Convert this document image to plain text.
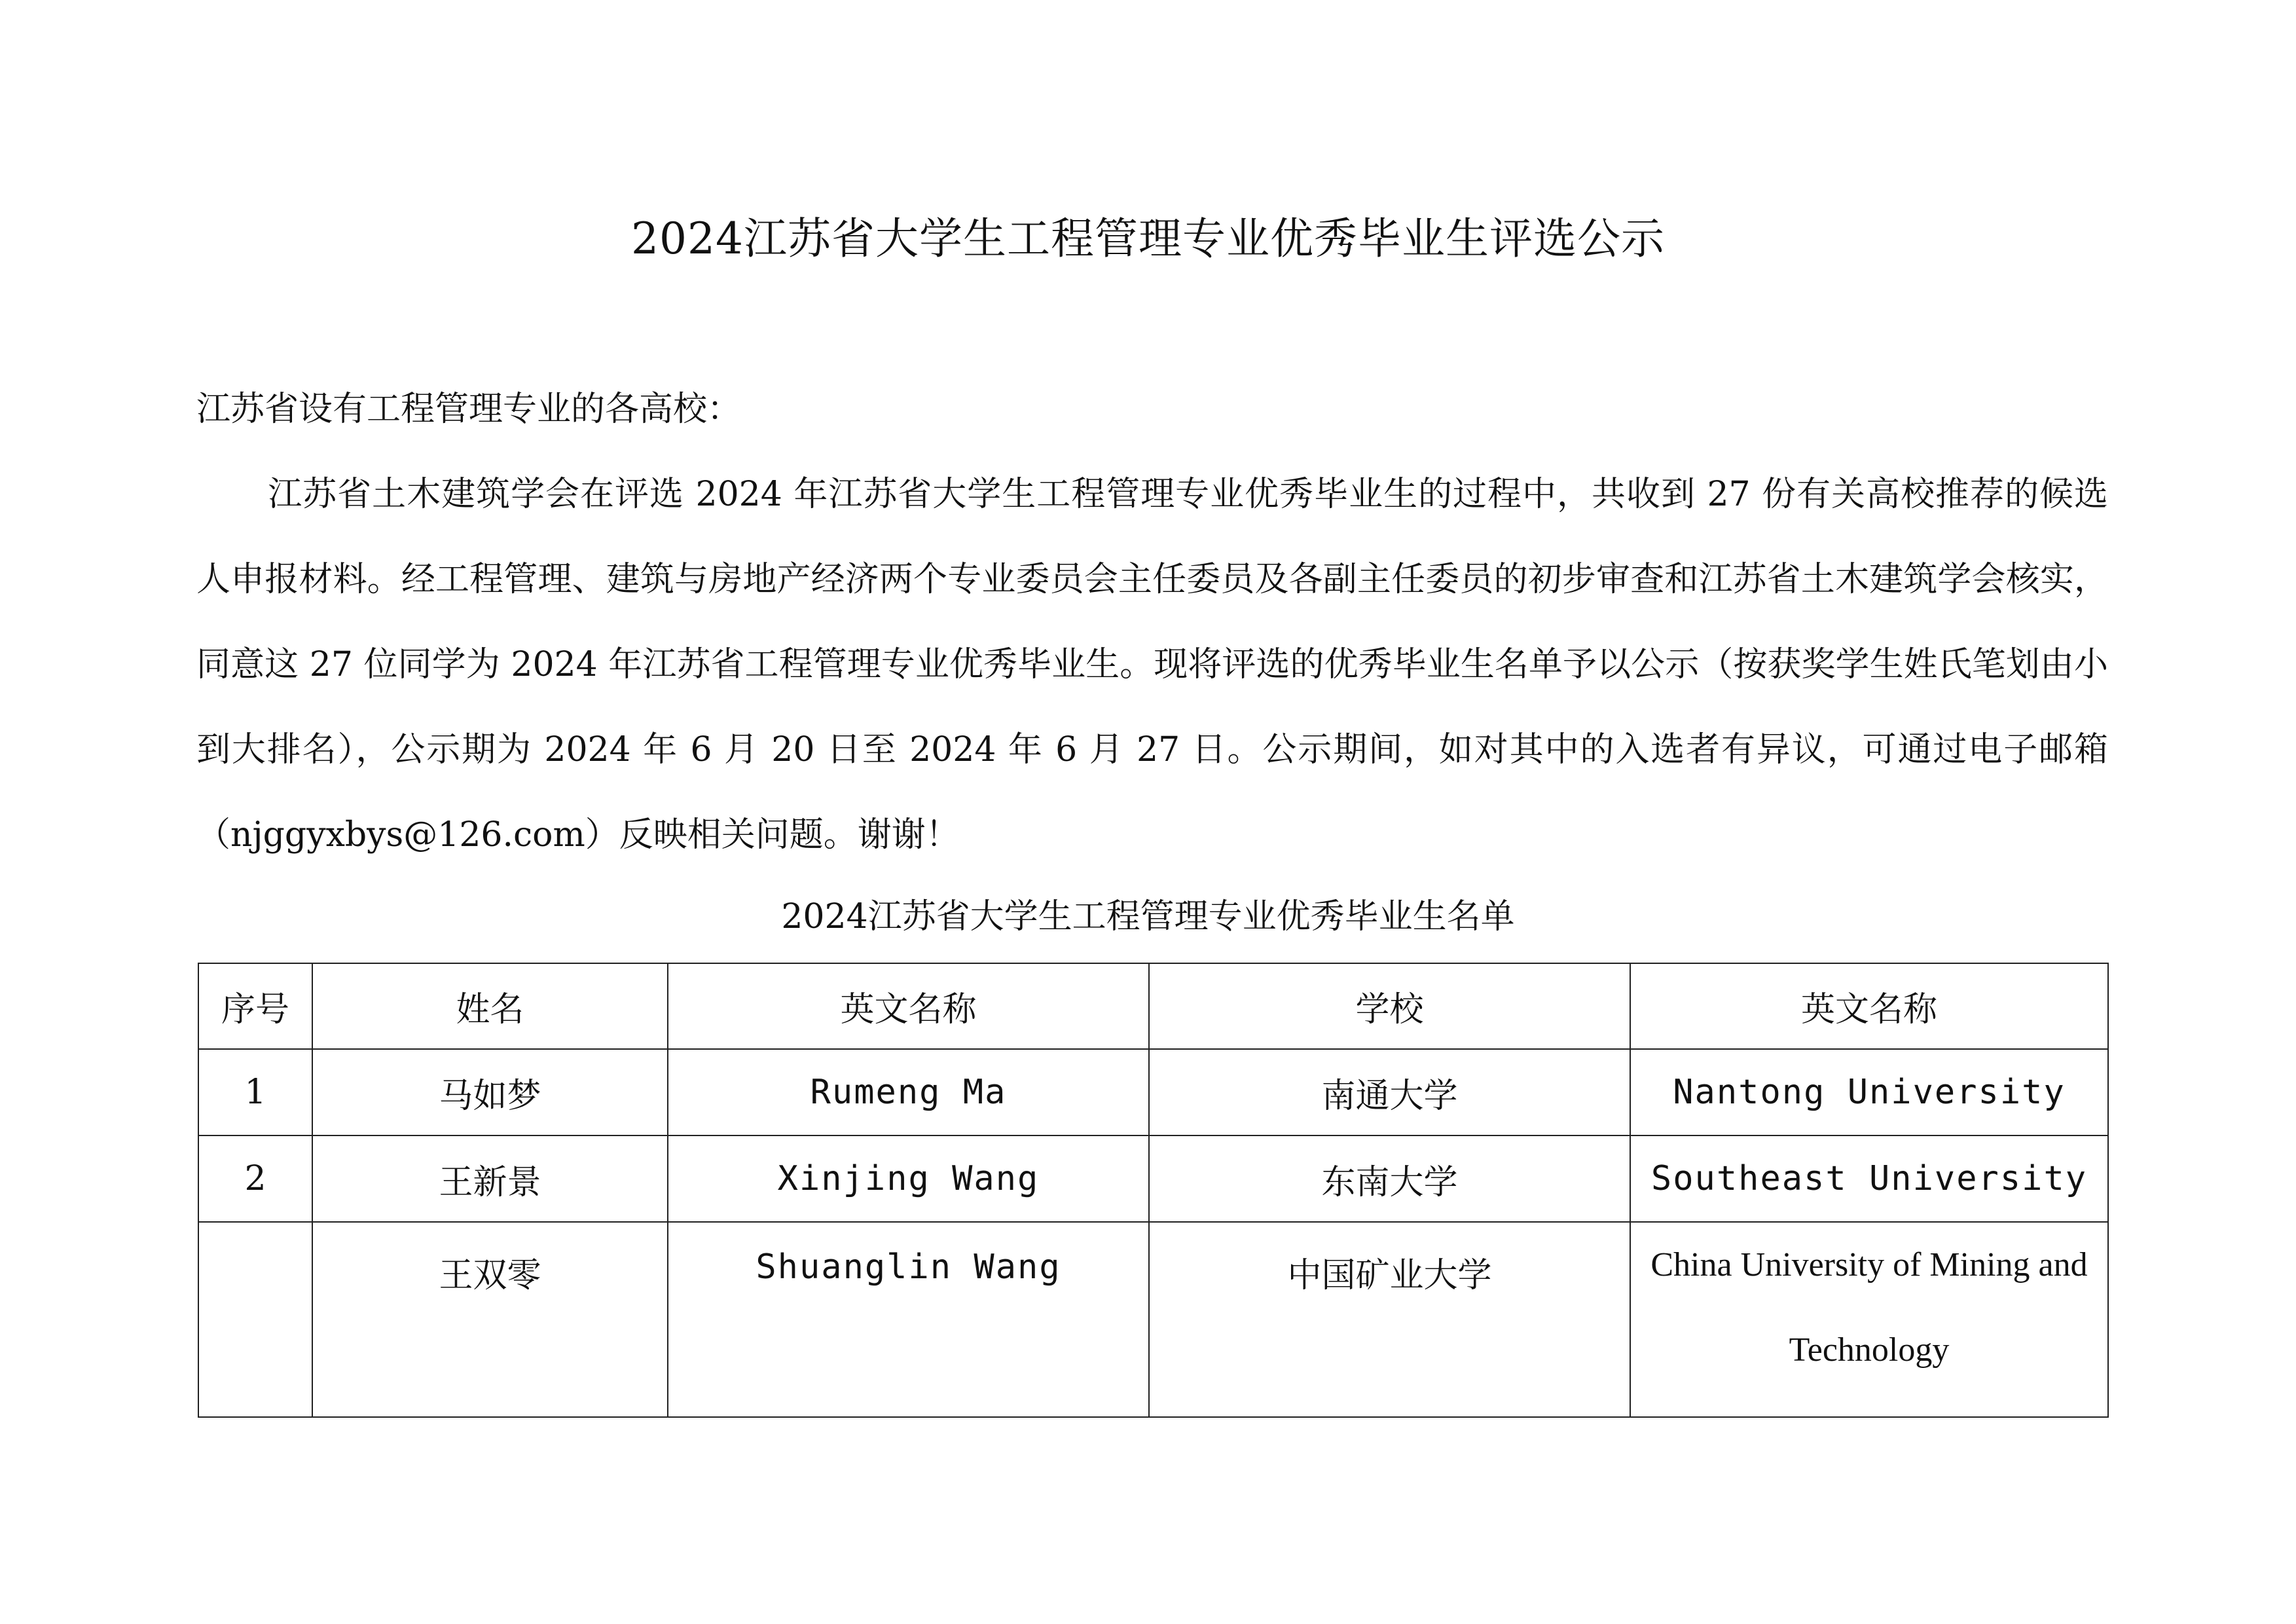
2024江苏省大学生工程管理专业优秀毕业生评选公示
江苏省设有工程管理专业的各高校：
江苏省土木建筑学会在评选 2024 年江苏省大学生工程管理专业优秀毕业生的过程中，共收到 27 份有关高校推荐的候选人申报材料。经工程管理、建筑与房地产经济两个专业委员会主任委员及各副主任委员的初步审查和江苏省土木建筑学会核实，同意这 27 位同学为 2024 年江苏省工程管理专业优秀毕业生。现将评选的优秀毕业生名单予以公示（按获奖学生姓氏笔划由小到大排名），公示期为 2024 年 6 月 20 日至 2024 年 6 月 27 日。公示期间，如对其中的入选者有异议，可通过电子邮箱（njggyxbys@126.com）反映相关问题。谢谢！
2024江苏省大学生工程管理专业优秀毕业生名单
序号	姓名	英文名称	学校	英文名称
1	马如梦	Rumeng Ma	南通大学	Nantong University
2	王新景	Xinjing Wang	东南大学	Southeast University
	王双零	Shuanglin Wang	中国矿业大学	China University of Mining and Technology
